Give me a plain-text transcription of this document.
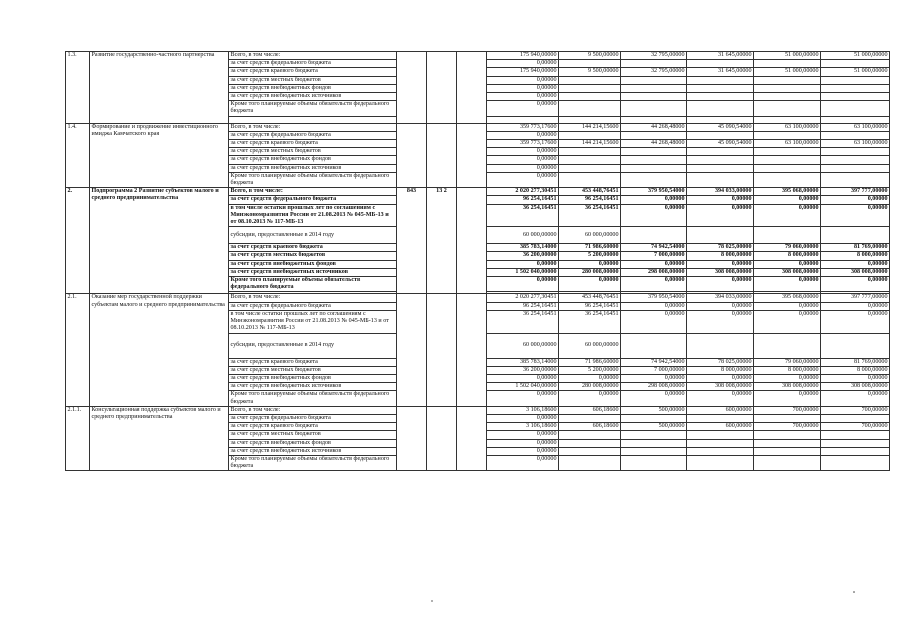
1.3.	Развитие государственно-частного партнерства	Всего, в том числе:				175 940,00000	9 500,00000	32 795,00000	31 645,00000	51 000,00000	51 000,00000
		за счет средств федерального бюджета				0,00000					
		за счет средств краевого бюджета				175 940,00000	9 500,00000	32 795,00000	31 645,00000	51 000,00000	51 000,00000
		за счет средств местных бюджетов				0,00000					
		за счет средств внебюджетных фондов				0,00000					
		за счет средств внебюджетных источников				0,00000					
		Кроме того планируемые объемы обязательств федерального бюджета				0,00000					

1.4.	Формирование и продвижение инвестиционного имиджа Камчатского края	Всего, в том числе:				359 773,17600	144 214,15600	44 268,48000	45 090,54000	63 100,00000	63 100,00000
		за счет средств федерального бюджета				0,00000					
		за счет средств краевого бюджета				359 773,17600	144 214,15600	44 268,48000	45 090,54000	63 100,00000	63 100,00000
		за счет средств местных бюджетов				0,00000					
		за счет средств внебюджетных фондов				0,00000					
		за счет средств внебюджетных источников				0,00000					
		Кроме того планируемые объемы обязательств федерального бюджета				0,00000					
2.	Подпрограмма 2 Развитие субъектов малого и среднего предпринимательства	Всего, в том числе:	843	13 2		2 020 277,30451	453 448,76451	379 950,54000	394 033,00000	395 068,00000	397 777,00000
		за счет средств федерального бюджета				96 254,16451	96 254,16451	0,00000	0,00000	0,00000	0,00000
		в том числе остатки прошлых лет по соглашениям с Минэкономразвития России от 21.08.2013 № 045-МБ-13 и от 08.10.2013 № 117-МБ-13				36 254,16451	36 254,16451	0,00000	0,00000	0,00000	0,00000
		субсидии, предоставленные в 2014 году				60 000,00000	60 000,00000				
		за счет средств краевого бюджета				385 783,14000	71 986,60000	74 942,54000	78 025,00000	79 060,00000	81 769,00000
		за счет средств местных бюджетов				36 200,00000	5 200,00000	7 000,00000	8 000,00000	8 000,00000	8 000,00000
		за счет средств внебюджетных фондов				0,00000	0,00000	0,00000	0,00000	0,00000	0,00000
		за счет средств внебюджетных источников				1 502 040,00000	280 008,00000	298 008,00000	308 008,00000	308 008,00000	308 008,00000
		Кроме того планируемые объемы обязательств федерального бюджета				0,00000	0,00000	0,00000	0,00000	0,00000	0,00000

2.1.	Оказание мер государственной поддержки субъектам малого и среднего предпринимательства	Всего, в том числе:				2 020 277,30451	453 448,76451	379 950,54000	394 033,00000	395 068,00000	397 777,00000
		за счет средств федерального бюджета				96 254,16451	96 254,16451	0,00000	0,00000	0,00000	0,00000
		в том числе остатки прошлых лет по соглашениям с Минэкономразвития России от 21.08.2013 № 045-МБ-13 и от 08.10.2013 № 117-МБ-13				36 254,16451	36 254,16451	0,00000	0,00000	0,00000	0,00000
		субсидии, предоставленные в 2014 году				60 000,00000	60 000,00000				
		за счет средств краевого бюджета				385 783,14000	71 986,60000	74 942,54000	78 025,00000	79 060,00000	81 769,00000
		за счет средств местных бюджетов				36 200,00000	5 200,00000	7 000,00000	8 000,00000	8 000,00000	8 000,00000
		за счет средств внебюджетных фондов				0,00000	0,00000	0,00000	0,00000	0,00000	0,00000
		за счет средств внебюджетных источников				1 502 040,00000	280 008,00000	298 008,00000	308 008,00000	308 008,00000	308 008,00000
		Кроме того планируемые объемы обязательств федерального бюджета				0,00000	0,00000	0,00000	0,00000	0,00000	0,00000
2.1.1.	Консультационная поддержка субъектов малого и среднего предпринимательства	Всего, в том числе:				3 106,18600	606,18600	500,00000	600,00000	700,00000	700,00000
		за счет средств федерального бюджета				0,00000					
		за счет средств краевого бюджета				3 106,18600	606,18600	500,00000	600,00000	700,00000	700,00000
		за счет средств местных бюджетов				0,00000					
		за счет средств внебюджетных фондов				0,00000					
		за счет средств внебюджетных источников				0,00000					
		Кроме того планируемые объемы обязательств федерального бюджета				0,00000					
